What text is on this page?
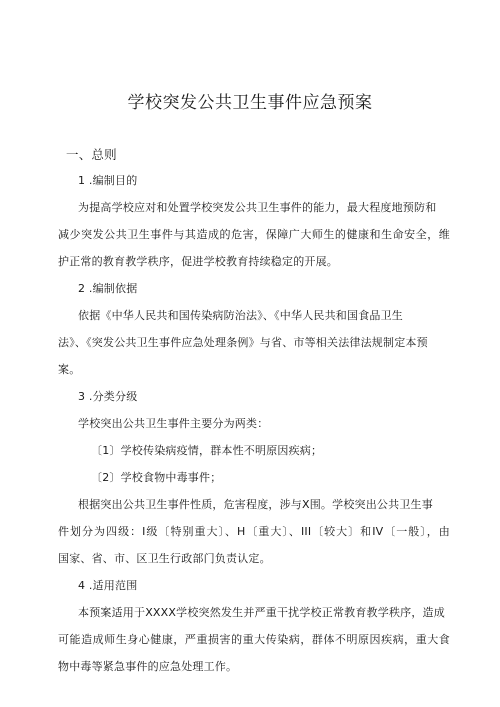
学校突发公共卫生事件应急预案
一、总则
1 .编制目的
为提高学校应对和处置学校突发公共卫生事件的能力，最大程度地预防和
减少突发公共卫生事件与其造成的危害，保障广大师生的健康和生命安全，维
护正常的教育教学秩序，促进学校教育持续稳定的开展。
2 .编制依据
依据《中华人民共和国传染病防治法》、《中华人民共和国食品卫生
法》、《突发公共卫生事件应急处理条例》与省、市等相关法律法规制定本预
案。
3 .分类分级
学校突出公共卫生事件主要分为两类：
〔1〕学校传染病疫情，群本性不明原因疾病；
〔2〕学校食物中毒事件；
根据突出公共卫生事件性质，危害程度，涉与X围。学校突出公共卫生事
件划分为四级：I级〔特别重大〕、H〔重大〕、III〔较大〕和IV〔一般〕，由
国家、省、市、区卫生行政部门负责认定。
4 .适用范围
本预案适用于XXXX学校突然发生并严重干扰学校正常教育教学秩序，造成
可能造成师生身心健康，严重损害的重大传染病，群体不明原因疾病，重大食
物中毒等紧急事件的应急处理工作。
